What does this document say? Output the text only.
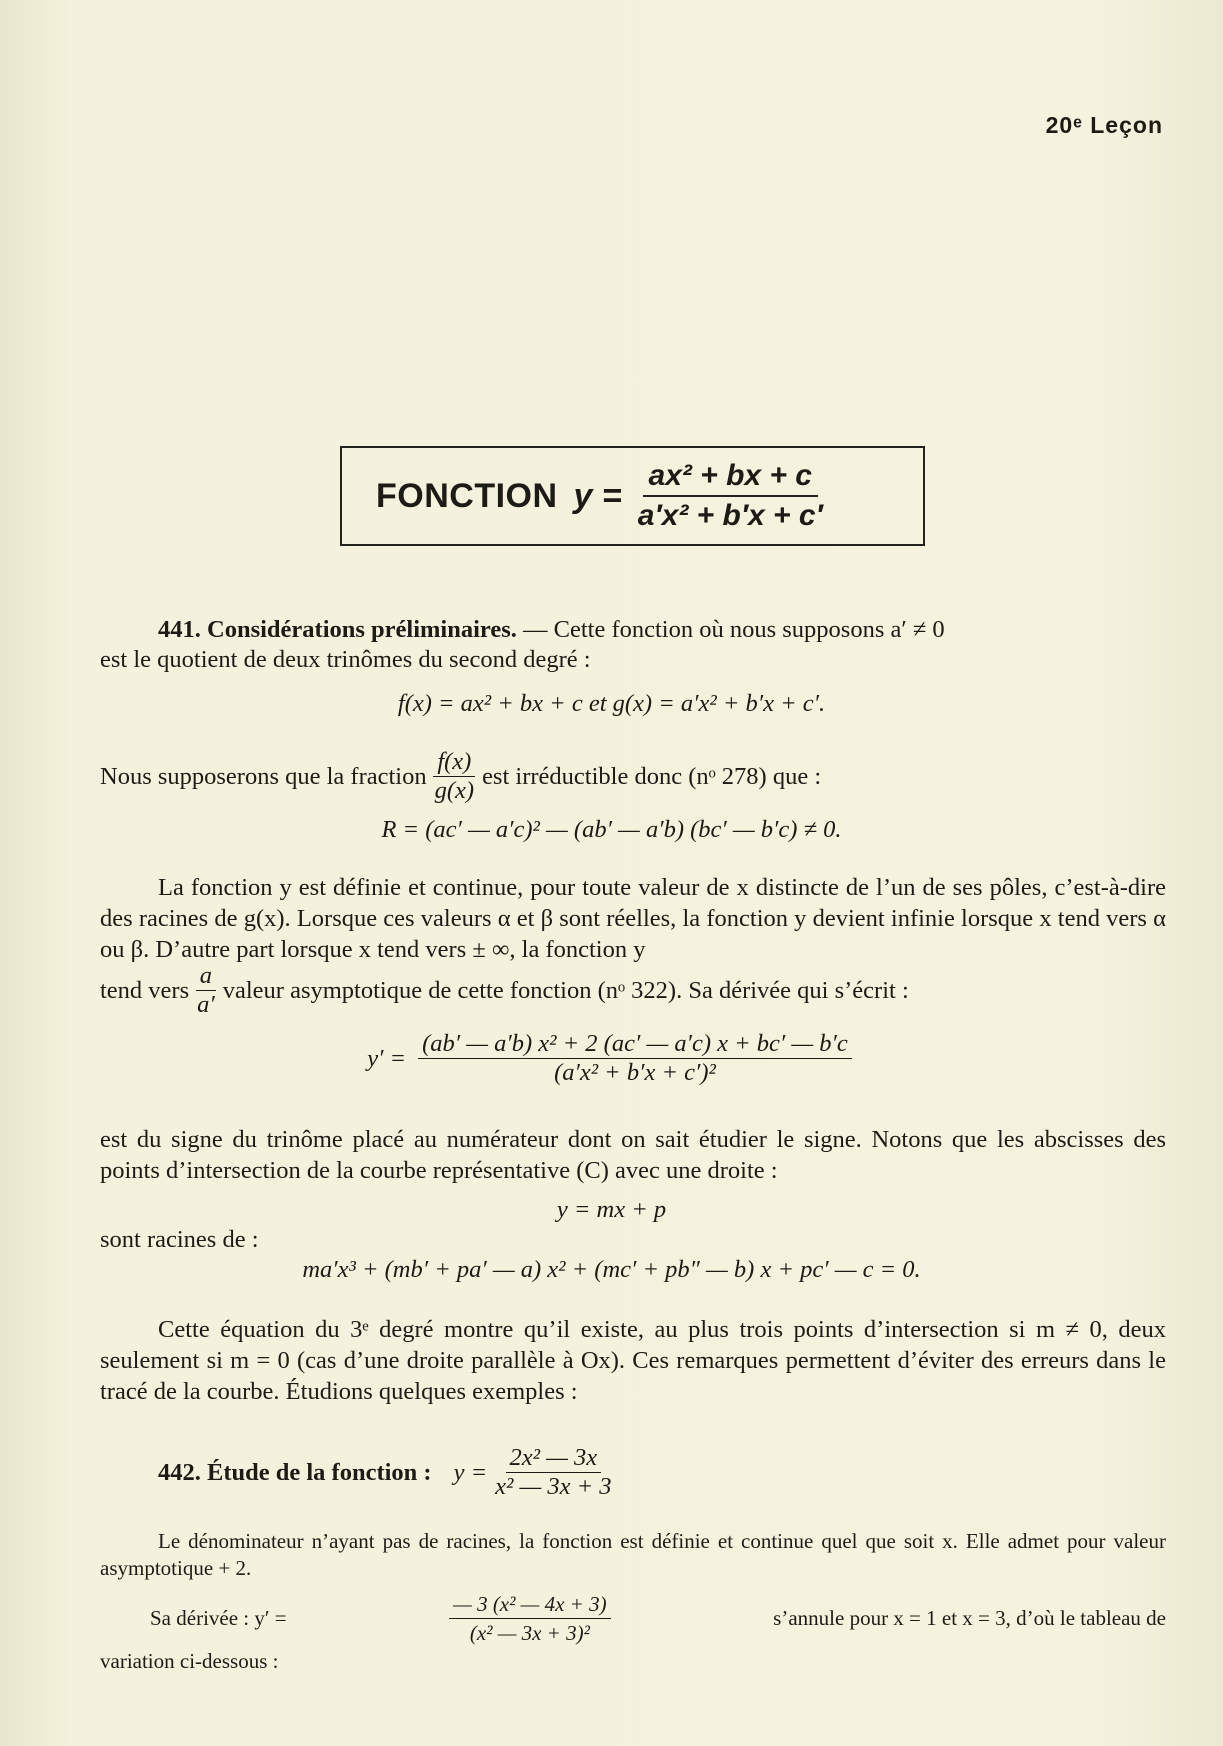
20ᵉ Leçon
FONCTION $y = \frac{\text{ax² + bx + c}}{\text{a′x² + b′x + c′}}$
441. Considérations préliminaires. — Cette fonction où nous supposons a′ ≠ 0
est le quotient de deux trinômes du second degré :
f(x) = ax² + bx + c et g(x) = a′x² + b′x + c′.
Nous supposerons que la fraction $\frac{f(x)}{g(x)}$ est irréductible donc (nᵒ 278) que :
R = (ac′ — a′c)² — (ab′ — a′b) (bc′ — b′c) ≠ 0.
La fonction y est définie et continue, pour toute valeur de x distincte de l’un de ses pôles, c’est-à-dire des racines de g(x). Lorsque ces valeurs α et β sont réelles, la fonction y devient infinie lorsque x tend vers α ou β. D’autre part lorsque x tend vers ± ∞, la fonction y
tend vers $\frac{a}{a'}$ valeur asymptotique de cette fonction (nᵒ 322). Sa dérivée qui s’écrit :
$y' = \frac{\text{(ab′ — a′b) x² + 2 (ac′ — a′c) x + bc′ — b′c}}{\text{(a′x² + b′x + c′)²}}$
est du signe du trinôme placé au numérateur dont on sait étudier le signe. Notons que les abscisses des points d’intersection de la courbe représentative (C) avec une droite :
y = mx + p
sont racines de :
ma′x³ + (mb′ + pa′ — a) x² + (mc′ + pb″ — b) x + pc′ — c = 0.
Cette équation du 3ᵉ degré montre qu’il existe, au plus trois points d’intersection si m ≠ 0, deux seulement si m = 0 (cas d’une droite parallèle à Ox). Ces remarques permettent d’éviter des erreurs dans le tracé de la courbe. Étudions quelques exemples :
442. Étude de la fonction : $y = \frac{\text{2x² — 3x}}{\text{x² — 3x + 3}}$
Le dénominateur n’ayant pas de racines, la fonction est définie et continue quel que soit x. Elle admet pour valeur asymptotique + 2.
Sa dérivée : y′ =	$\frac{\text{— 3 (x² — 4x + 3)}}{\text{(x² — 3x + 3)²}}$	s’annule pour x = 1 et x = 3, d’où le tableau de
variation ci-dessous :
